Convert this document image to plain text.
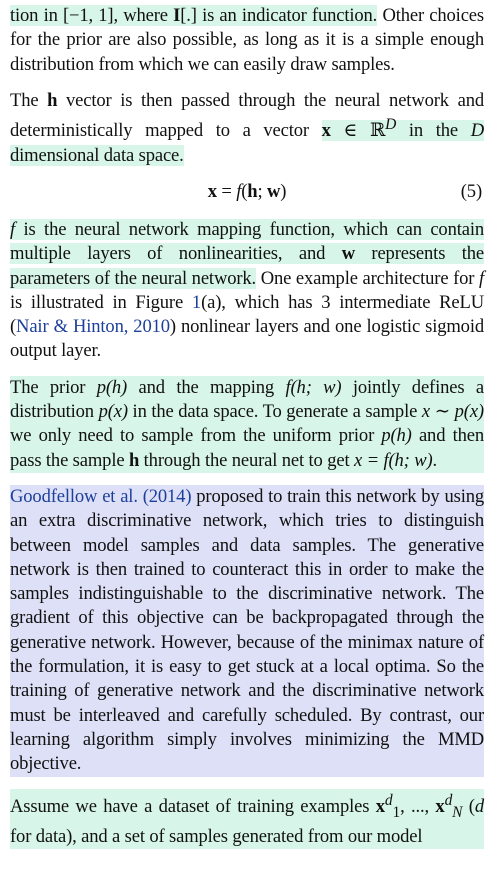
tion in [−1, 1], where I[.] is an indicator function. Other choices for the prior are also possible, as long as it is a simple enough distribution from which we can easily draw samples.

The h vector is then passed through the neural network and deterministically mapped to a vector x ∈ ℝ$^D$ in the D dimensional data space.

x = f(h; w)	(5)

f is the neural network mapping function, which can contain multiple layers of nonlinearities, and w represents the parameters of the neural network. One example architecture for f is illustrated in Figure 1(a), which has 3 intermediate ReLU (Nair & Hinton, 2010) nonlinear layers and one logistic sigmoid output layer.

The prior p(h) and the mapping f(h; w) jointly defines a distribution p(x) in the data space. To generate a sample x ∼ p(x) we only need to sample from the uniform prior p(h) and then pass the sample h through the neural net to get x = f(h; w).

Goodfellow et al. (2014) proposed to train this network by using an extra discriminative network, which tries to distinguish between model samples and data samples. The generative network is then trained to counteract this in order to make the samples indistinguishable to the discriminative network. The gradient of this objective can be backpropagated through the generative network. However, because of the minimax nature of the formulation, it is easy to get stuck at a local optima. So the training of generative network and the discriminative network must be interleaved and carefully scheduled. By contrast, our learning algorithm simply involves minimizing the MMD objective.

Assume we have a dataset of training examples $x^d_1$, ..., $x^d_N$ (d for data), and a set of samples generated from our model
